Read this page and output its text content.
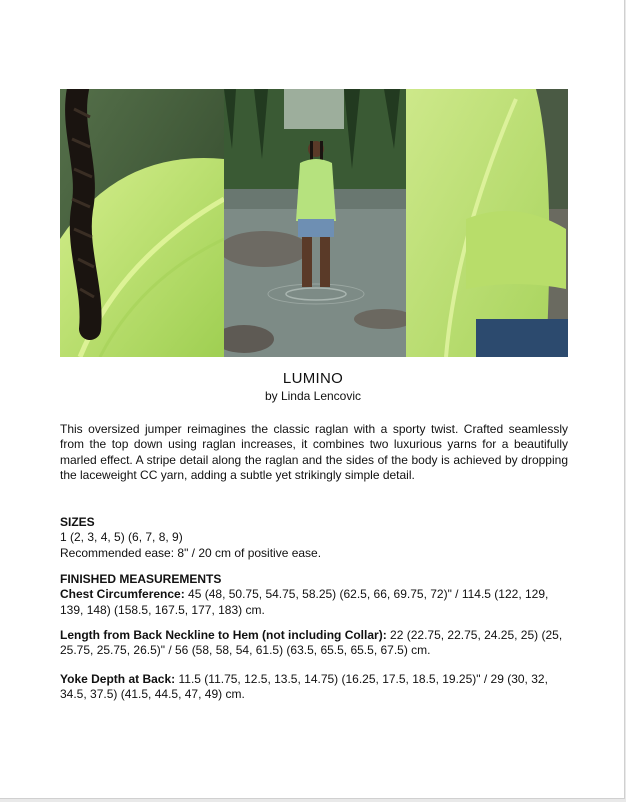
LUMINO
by Linda Lencovic

This oversized jumper reimagines the classic raglan with a sporty twist. Crafted seamlessly from the top down using raglan increases, it combines two luxurious yarns for a beautifully marled effect. A stripe detail along the raglan and the sides of the body is achieved by dropping the laceweight CC yarn, adding a subtle yet strikingly simple detail.

SIZES
1 (2, 3, 4, 5) (6, 7, 8, 9)
Recommended ease: 8" / 20 cm of positive ease.
FINISHED MEASUREMENTS

Chest Circumference: 45 (48, 50.75, 54.75, 58.25) (62.5, 66, 69.75, 72)" / 114.5 (122, 129, 139, 148) (158.5, 167.5, 177, 183) cm.

Length from Back Neckline to Hem (not including Collar): 22 (22.75, 22.75, 24.25, 25) (25, 25.75, 25.75, 26.5)" / 56 (58, 58, 54, 61.5) (63.5, 65.5, 65.5, 67.5) cm.

Yoke Depth at Back: 11.5 (11.75, 12.5, 13.5, 14.75) (16.25, 17.5, 18.5, 19.25)" / 29 (30, 32, 34.5, 37.5) (41.5, 44.5, 47, 49) cm.
